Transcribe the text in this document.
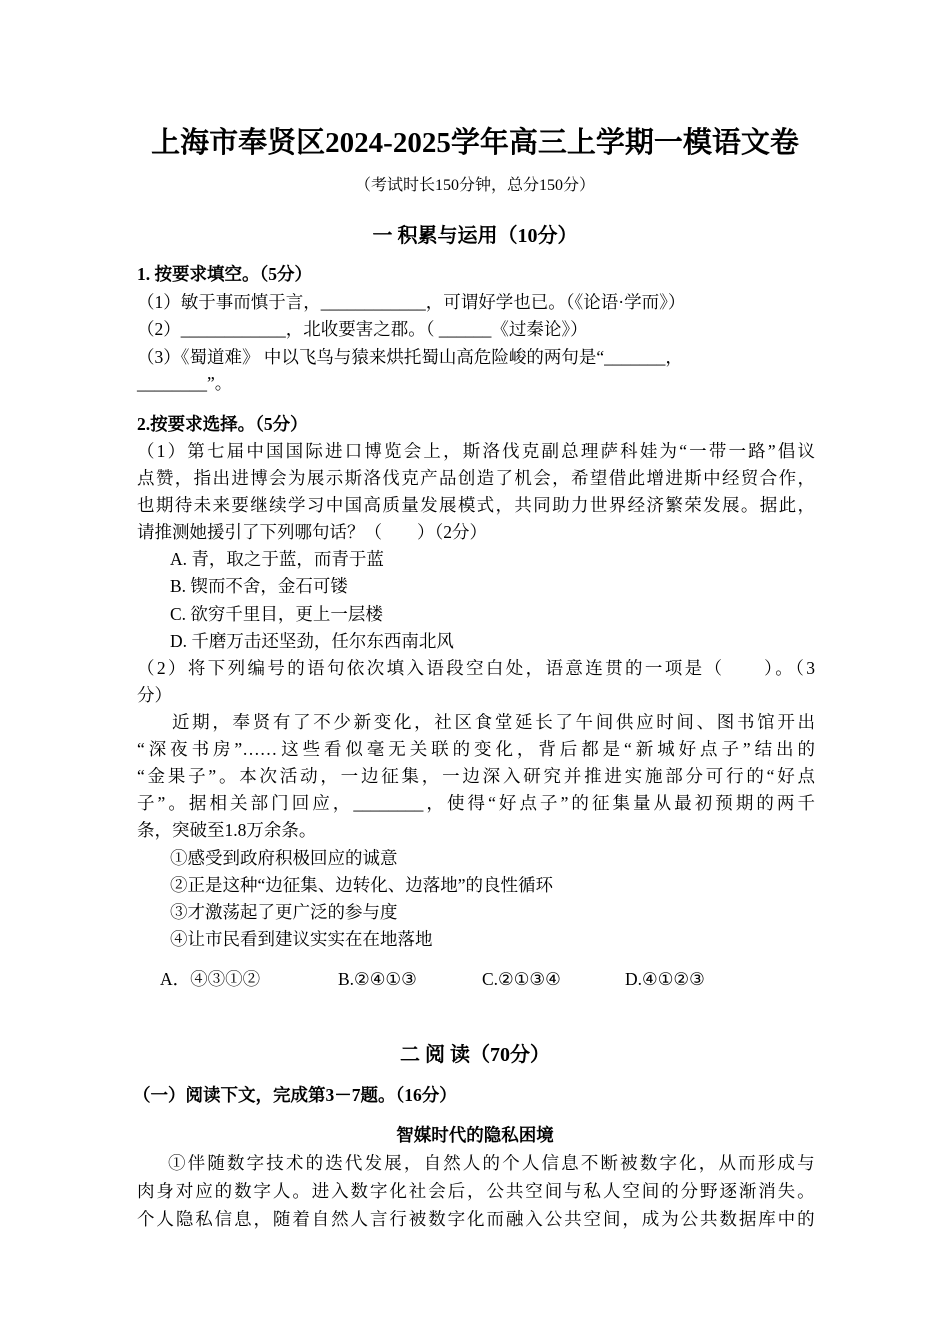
上海市奉贤区2024-2025学年高三上学期一模语文卷
（考试时长150分钟，总分150分）
一 积累与运用（10分）
1. 按要求填空。（5分）
（1）敏于事而慎于言，____________，可谓好学也已。（《论语·学而》）
（2）____________，北收要害之郡。（ ______《过秦论》）
（3）《蜀道难》 中以飞鸟与猿来烘托蜀山高危险峻的两句是“_______，
________”。
2.按要求选择。（5分）
（1）第七届中国国际进口博览会上，斯洛伐克副总理萨科娃为“一带一路”倡议
点赞，指出进博会为展示斯洛伐克产品创造了机会，希望借此增进斯中经贸合作，
也期待未来要继续学习中国高质量发展模式，共同助力世界经济繁荣发展。据此，
请推测她援引了下列哪句话？（　　）（2分）
A. 青，取之于蓝，而青于蓝
B. 锲而不舍，金石可镂
C. 欲穷千里目，更上一层楼
D. 千磨万击还坚劲，任尔东西南北风
（2）将下列编号的语句依次填入语段空白处，语意连贯的一项是（　　）。（3
分）
近期，奉贤有了不少新变化，社区食堂延长了午间供应时间、图书馆开出
“深夜书房”……这些看似毫无关联的变化，背后都是“新城好点子”结出的
“金果子”。本次活动，一边征集，一边深入研究并推进实施部分可行的“好点
子”。据相关部门回应，________，使得“好点子”的征集量从最初预期的两千
条，突破至1.8万余条。
①感受到政府积极回应的诚意
②正是这种“边征集、边转化、边落地”的良性循环
③才激荡起了更广泛的参与度
④让市民看到建议实实在在地落地
A．④③①②	B.②④①③	C.②①③④	D.④①②③
二 阅 读（70分）
（一）阅读下文，完成第3－7题。（16分）
智媒时代的隐私困境
①伴随数字技术的迭代发展，自然人的个人信息不断被数字化，从而形成与
肉身对应的数字人。进入数字化社会后，公共空间与私人空间的分野逐渐消失。
个人隐私信息，随着自然人言行被数字化而融入公共空间，成为公共数据库中的
